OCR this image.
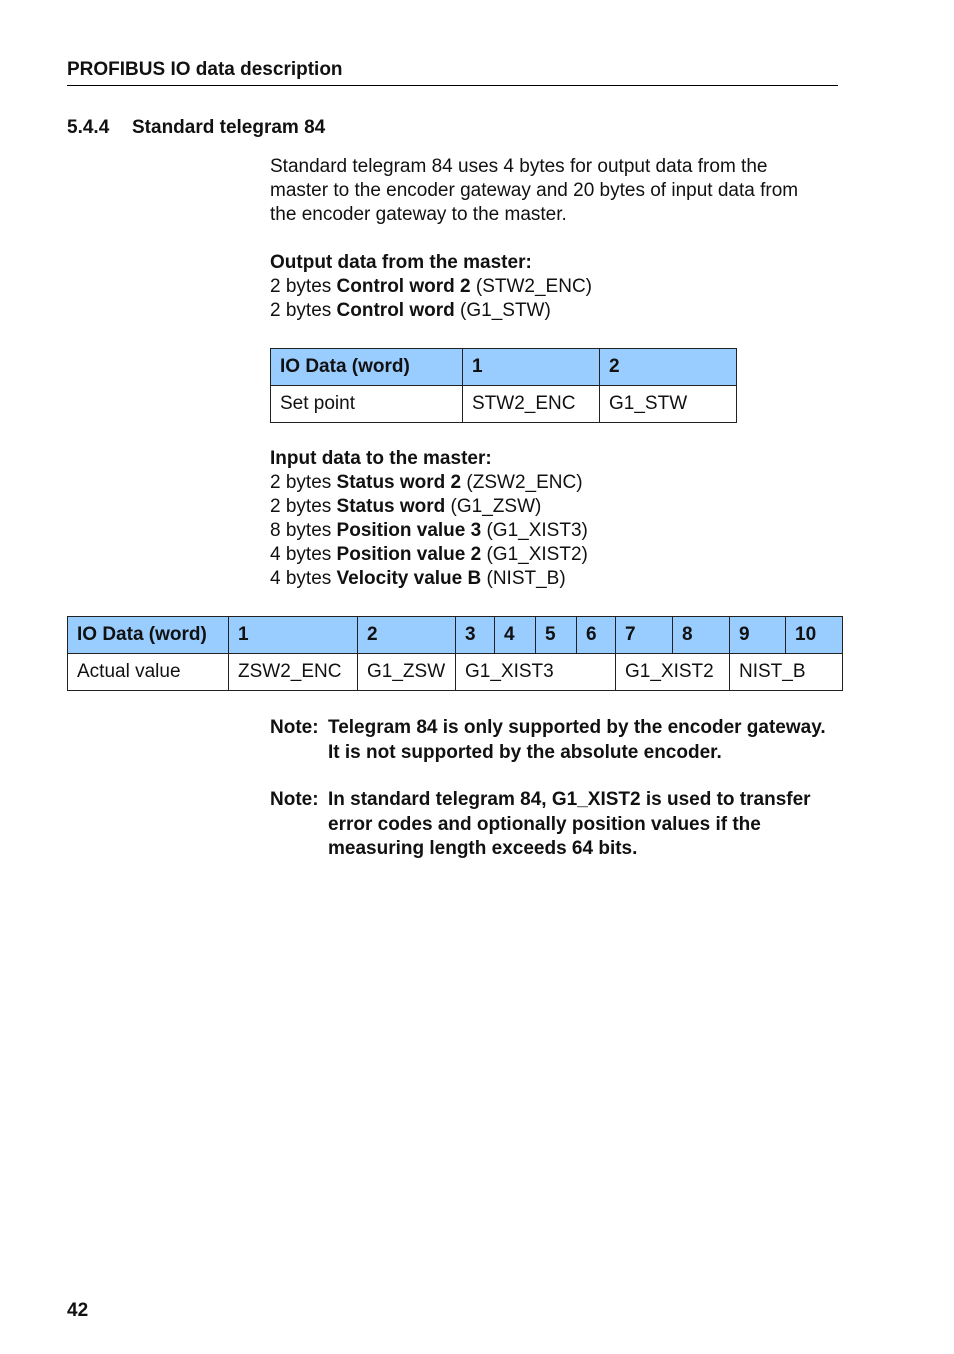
PROFIBUS IO data description
5.4.4 Standard telegram 84
Standard telegram 84 uses 4 bytes for output data from the
master to the encoder gateway and 20 bytes of input data from
the encoder gateway to the master.
Output data from the master:
2 bytes Control word 2 (STW2_ENC)
2 bytes Control word (G1_STW)
IO Data (word)	1	2
Set point	STW2_ENC	G1_STW
Input data to the master:
2 bytes Status word 2 (ZSW2_ENC)
2 bytes Status word (G1_ZSW)
8 bytes Position value 3 (G1_XIST3)
4 bytes Position value 2 (G1_XIST2)
4 bytes Velocity value B (NIST_B)
IO Data (word)	1	2	3	4	5	6	7	8	9	10
Actual value	ZSW2_ENC	G1_ZSW	G1_XIST3				G1_XIST2		NIST_B	
Note: Telegram 84 is only supported by the encoder gateway.
It is not supported by the absolute encoder.
Note: In standard telegram 84, G1_XIST2 is used to transfer
error codes and optionally position values if the
measuring length exceeds 64 bits.
42
